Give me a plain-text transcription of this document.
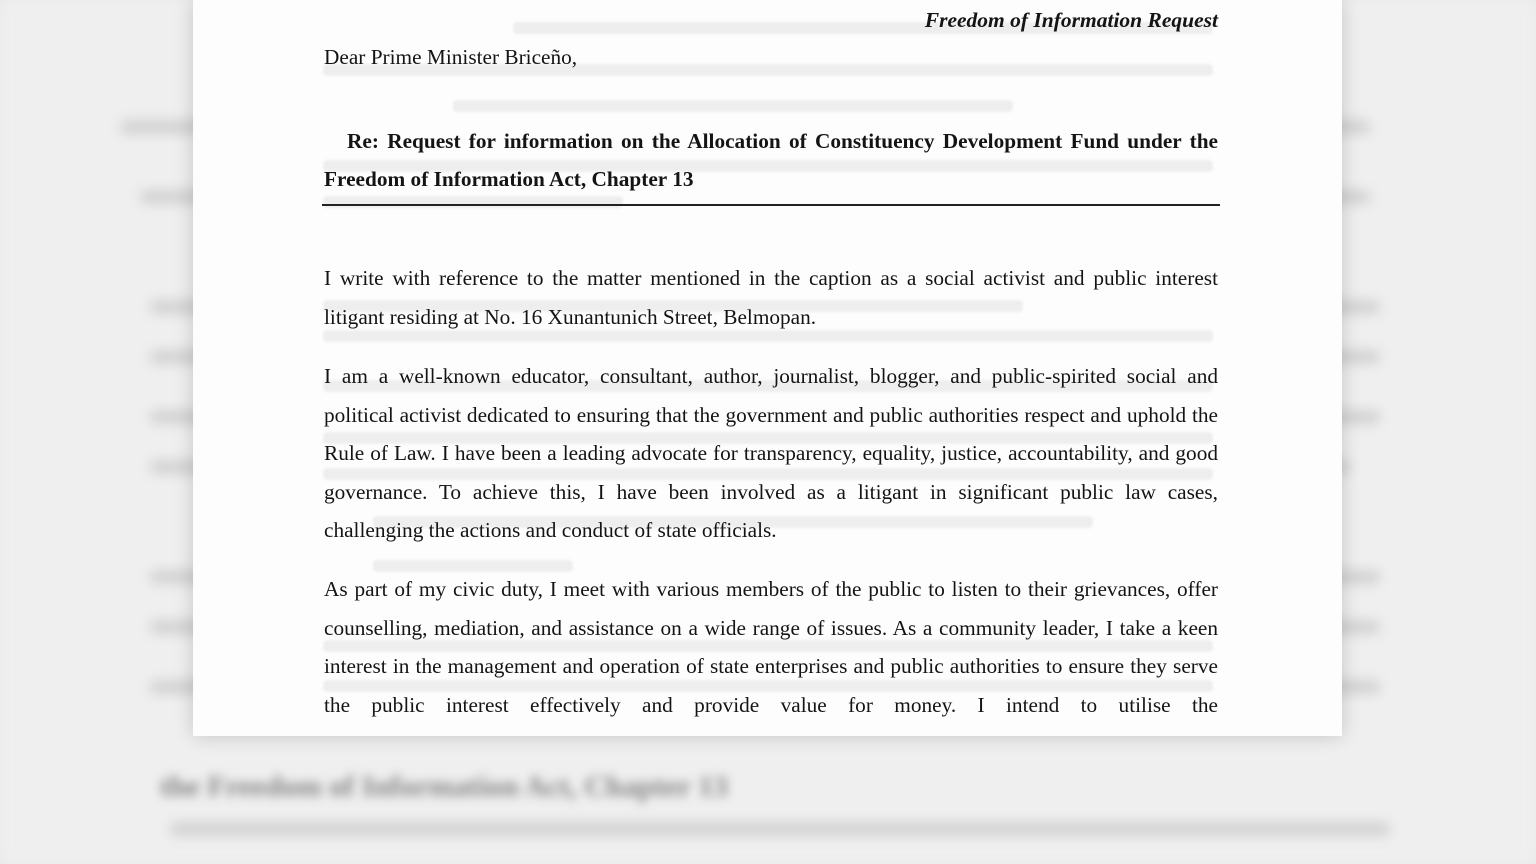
the Freedom of Information Act, Chapter 13
Freedom of Information Request
Dear Prime Minister Briceño,
Re: Request for information on the Allocation of Constituency Development Fund under the Freedom of Information Act, Chapter 13
I write with reference to the matter mentioned in the caption as a social activist and public interest litigant residing at No. 16 Xunantunich Street, Belmopan.
I am a well-known educator, consultant, author, journalist, blogger, and public-spirited social and political activist dedicated to ensuring that the government and public authorities respect and uphold the Rule of Law. I have been a leading advocate for transparency, equality, justice, accountability, and good governance. To achieve this, I have been involved as a litigant in significant public law cases, challenging the actions and conduct of state officials.
As part of my civic duty, I meet with various members of the public to listen to their grievances, offer counselling, mediation, and assistance on a wide range of issues. As a community leader, I take a keen interest in the management and operation of state enterprises and public authorities to ensure they serve the public interest effectively and provide value for money. I intend to utilise the
